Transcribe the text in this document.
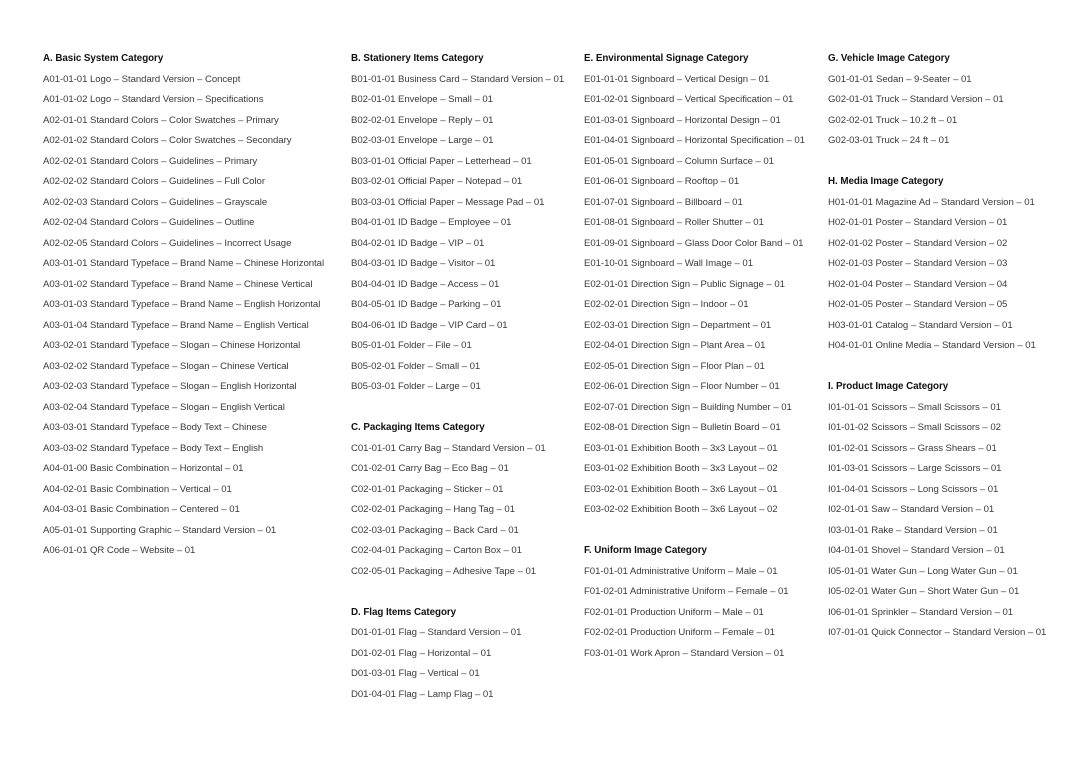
A. Basic System Category
A01-01-01 Logo – Standard Version – Concept
A01-01-02 Logo – Standard Version – Specifications
A02-01-01 Standard Colors – Color Swatches – Primary
A02-01-02 Standard Colors – Color Swatches – Secondary
A02-02-01 Standard Colors – Guidelines – Primary
A02-02-02 Standard Colors – Guidelines – Full Color
A02-02-03 Standard Colors – Guidelines – Grayscale
A02-02-04 Standard Colors – Guidelines – Outline
A02-02-05 Standard Colors – Guidelines – Incorrect Usage
A03-01-01 Standard Typeface – Brand Name – Chinese Horizontal
A03-01-02 Standard Typeface – Brand Name – Chinese Vertical
A03-01-03 Standard Typeface – Brand Name – English Horizontal
A03-01-04 Standard Typeface – Brand Name – English Vertical
A03-02-01 Standard Typeface – Slogan – Chinese Horizontal
A03-02-02 Standard Typeface – Slogan – Chinese Vertical
A03-02-03 Standard Typeface – Slogan – English Horizontal
A03-02-04 Standard Typeface – Slogan – English Vertical
A03-03-01 Standard Typeface – Body Text – Chinese
A03-03-02 Standard Typeface – Body Text – English
A04-01-00 Basic Combination – Horizontal – 01
A04-02-01 Basic Combination – Vertical – 01
A04-03-01 Basic Combination – Centered – 01
A05-01-01 Supporting Graphic – Standard Version – 01
A06-01-01 QR Code – Website – 01
B. Stationery Items Category
B01-01-01 Business Card – Standard Version – 01
B02-01-01 Envelope – Small – 01
B02-02-01 Envelope – Reply – 01
B02-03-01 Envelope – Large – 01
B03-01-01 Official Paper – Letterhead – 01
B03-02-01 Official Paper – Notepad – 01
B03-03-01 Official Paper – Message Pad – 01
B04-01-01 ID Badge – Employee – 01
B04-02-01 ID Badge – VIP – 01
B04-03-01 ID Badge – Visitor – 01
B04-04-01 ID Badge – Access – 01
B04-05-01 ID Badge – Parking – 01
B04-06-01 ID Badge – VIP Card – 01
B05-01-01 Folder – File – 01
B05-02-01 Folder – Small – 01
B05-03-01 Folder – Large – 01
C. Packaging Items Category
C01-01-01 Carry Bag – Standard Version – 01
C01-02-01 Carry Bag – Eco Bag – 01
C02-01-01 Packaging – Sticker – 01
C02-02-01 Packaging – Hang Tag – 01
C02-03-01 Packaging – Back Card – 01
C02-04-01 Packaging – Carton Box – 01
C02-05-01 Packaging – Adhesive Tape – 01
D. Flag Items Category
D01-01-01 Flag – Standard Version – 01
D01-02-01 Flag – Horizontal – 01
D01-03-01 Flag – Vertical – 01
D01-04-01 Flag – Lamp Flag – 01
E. Environmental Signage Category
E01-01-01 Signboard – Vertical Design – 01
E01-02-01 Signboard – Vertical Specification – 01
E01-03-01 Signboard – Horizontal Design – 01
E01-04-01 Signboard – Horizontal Specification – 01
E01-05-01 Signboard – Column Surface – 01
E01-06-01 Signboard – Rooftop – 01
E01-07-01 Signboard – Billboard – 01
E01-08-01 Signboard – Roller Shutter – 01
E01-09-01 Signboard – Glass Door Color Band – 01
E01-10-01 Signboard – Wall Image – 01
E02-01-01 Direction Sign – Public Signage – 01
E02-02-01 Direction Sign – Indoor – 01
E02-03-01 Direction Sign – Department – 01
E02-04-01 Direction Sign – Plant Area – 01
E02-05-01 Direction Sign – Floor Plan – 01
E02-06-01 Direction Sign – Floor Number – 01
E02-07-01 Direction Sign – Building Number – 01
E02-08-01 Direction Sign – Bulletin Board – 01
E03-01-01 Exhibition Booth – 3x3 Layout – 01
E03-01-02 Exhibition Booth – 3x3 Layout – 02
E03-02-01 Exhibition Booth – 3x6 Layout – 01
E03-02-02 Exhibition Booth – 3x6 Layout – 02
F. Uniform Image Category
F01-01-01 Administrative Uniform – Male – 01
F01-02-01 Administrative Uniform – Female – 01
F02-01-01 Production Uniform – Male – 01
F02-02-01 Production Uniform – Female – 01
F03-01-01 Work Apron – Standard Version – 01
G. Vehicle Image Category
G01-01-01 Sedan – 9-Seater – 01
G02-01-01 Truck – Standard Version – 01
G02-02-01 Truck – 10.2 ft – 01
G02-03-01 Truck – 24 ft – 01
H. Media Image Category
H01-01-01 Magazine Ad – Standard Version – 01
H02-01-01 Poster – Standard Version – 01
H02-01-02 Poster – Standard Version – 02
H02-01-03 Poster – Standard Version – 03
H02-01-04 Poster – Standard Version – 04
H02-01-05 Poster – Standard Version – 05
H03-01-01 Catalog – Standard Version – 01
H04-01-01 Online Media – Standard Version – 01
I. Product Image Category
I01-01-01 Scissors – Small Scissors – 01
I01-01-02 Scissors – Small Scissors – 02
I01-02-01 Scissors – Grass Shears – 01
I01-03-01 Scissors – Large Scissors – 01
I01-04-01 Scissors – Long Scissors – 01
I02-01-01 Saw – Standard Version – 01
I03-01-01 Rake – Standard Version – 01
I04-01-01 Shovel – Standard Version – 01
I05-01-01 Water Gun – Long Water Gun – 01
I05-02-01 Water Gun – Short Water Gun – 01
I06-01-01 Sprinkler – Standard Version – 01
I07-01-01 Quick Connector – Standard Version – 01
